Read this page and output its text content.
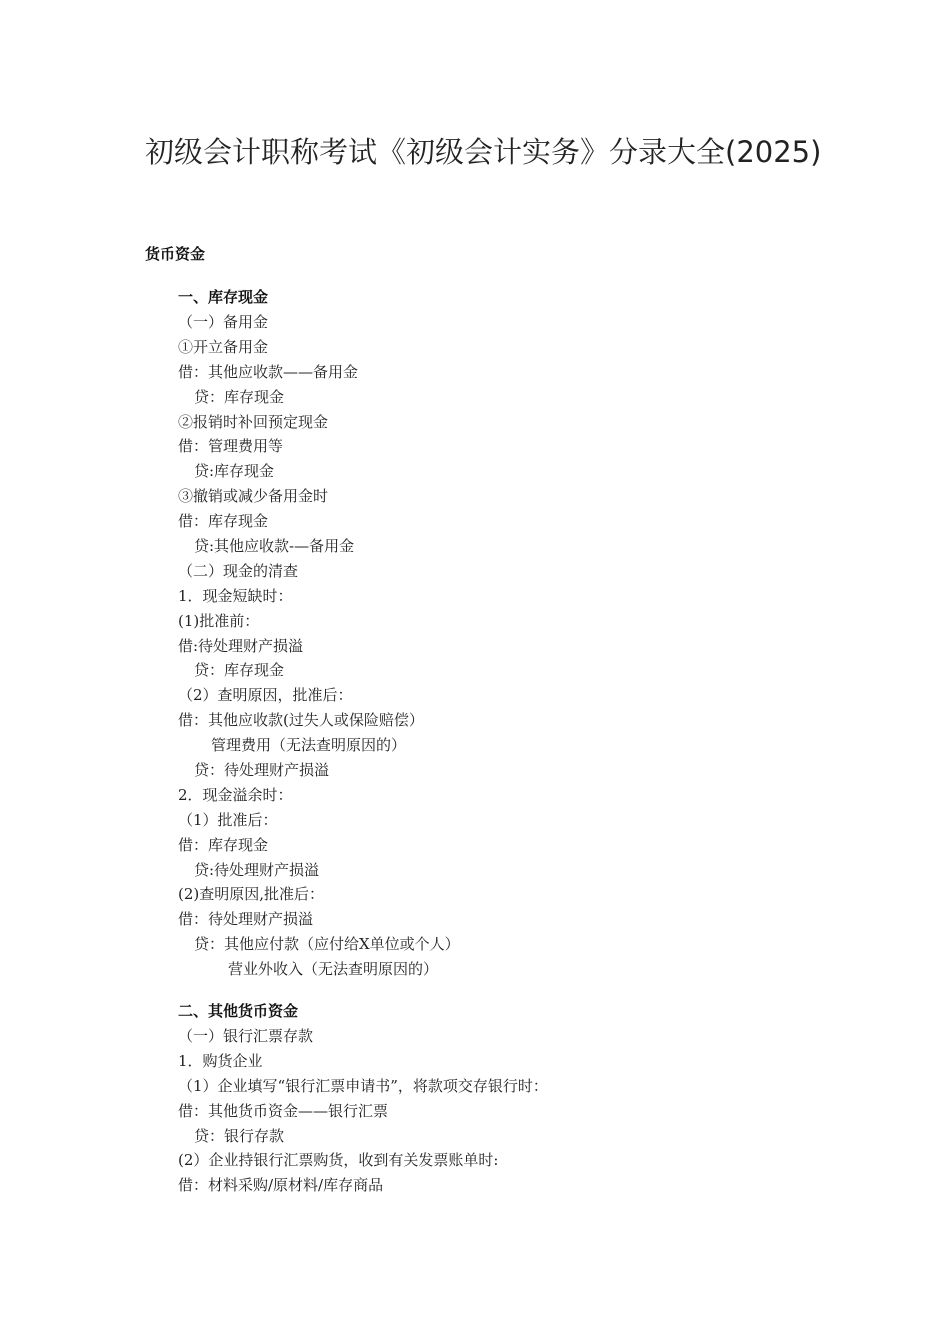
初级会计职称考试《初级会计实务》分录大全(2025)
货币资金
一、库存现金
（一）备用金
①开立备用金
借：其他应收款——备用金
贷：库存现金
②报销时补回预定现金
借：管理费用等
贷:库存现金
③撤销或减少备用金时
借：库存现金
贷:其他应收款-—备用金
（二）现金的清查
1．现金短缺时：
(1)批准前：
借:待处理财产损溢
贷：库存现金
（2）查明原因，批准后：
借：其他应收款(过失人或保险赔偿）
管理费用（无法查明原因的）
贷：待处理财产损溢
2．现金溢余时：
（1）批准后：
借：库存现金
贷:待处理财产损溢
(2)查明原因,批准后：
借：待处理财产损溢
贷：其他应付款（应付给X单位或个人）
营业外收入（无法查明原因的）
二、其他货币资金
（一）银行汇票存款
1．购货企业
（1）企业填写“银行汇票申请书”，将款项交存银行时：
借：其他货币资金——银行汇票
贷：银行存款
(2）企业持银行汇票购货，收到有关发票账单时:
借：材料采购/原材料/库存商品
